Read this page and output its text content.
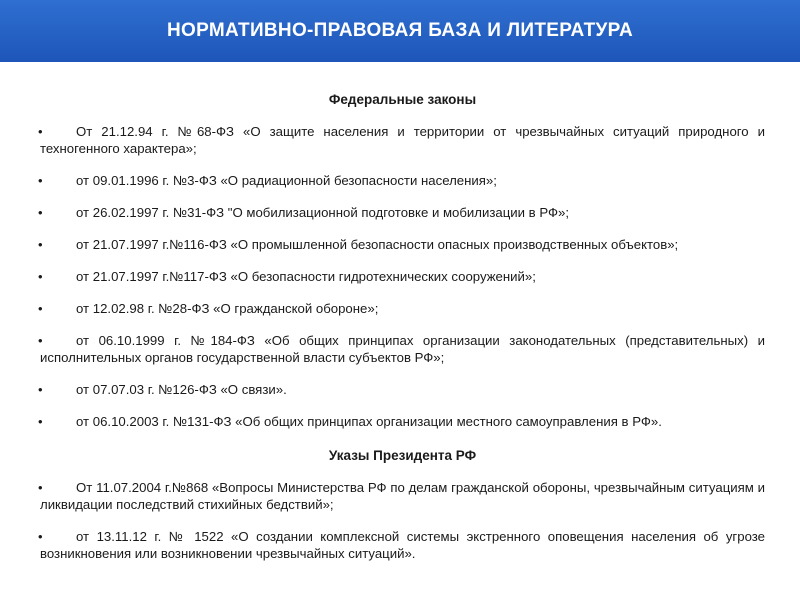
НОРМАТИВНО-ПРАВОВАЯ БАЗА И ЛИТЕРАТУРА
Федеральные законы
•	От 21.12.94 г. №68-ФЗ «О защите населения и территории от чрезвычайных ситуаций природного и техногенного характера»;
•	от 09.01.1996 г. №3-ФЗ «О радиационной безопасности населения»;
•	от 26.02.1997 г. №31-ФЗ "О мобилизационной подготовке и мобилизации в РФ»;
•	от 21.07.1997 г.№116-ФЗ «О промышленной безопасности опасных производственных объектов»;
•	от 21.07.1997 г.№117-ФЗ «О безопасности гидротехнических сооружений»;
•	от 12.02.98 г. №28-ФЗ «О гражданской обороне»;
•	от 06.10.1999 г. №184-ФЗ «Об общих принципах организации законодательных (представительных) и исполнительных органов государственной власти субъектов РФ»;
•	от 07.07.03 г. №126-ФЗ «О связи».
•	от 06.10.2003 г. №131-ФЗ «Об общих принципах организации местного самоуправления в РФ».
Указы Президента РФ
•	От 11.07.2004 г.№868 «Вопросы Министерства РФ по делам гражданской обороны, чрезвычайным ситуациям и ликвидации последствий стихийных бедствий»;
•	от 13.11.12 г. № 1522 «О создании комплексной системы экстренного оповещения населения об угрозе возникновения или возникновении чрезвычайных ситуаций».
